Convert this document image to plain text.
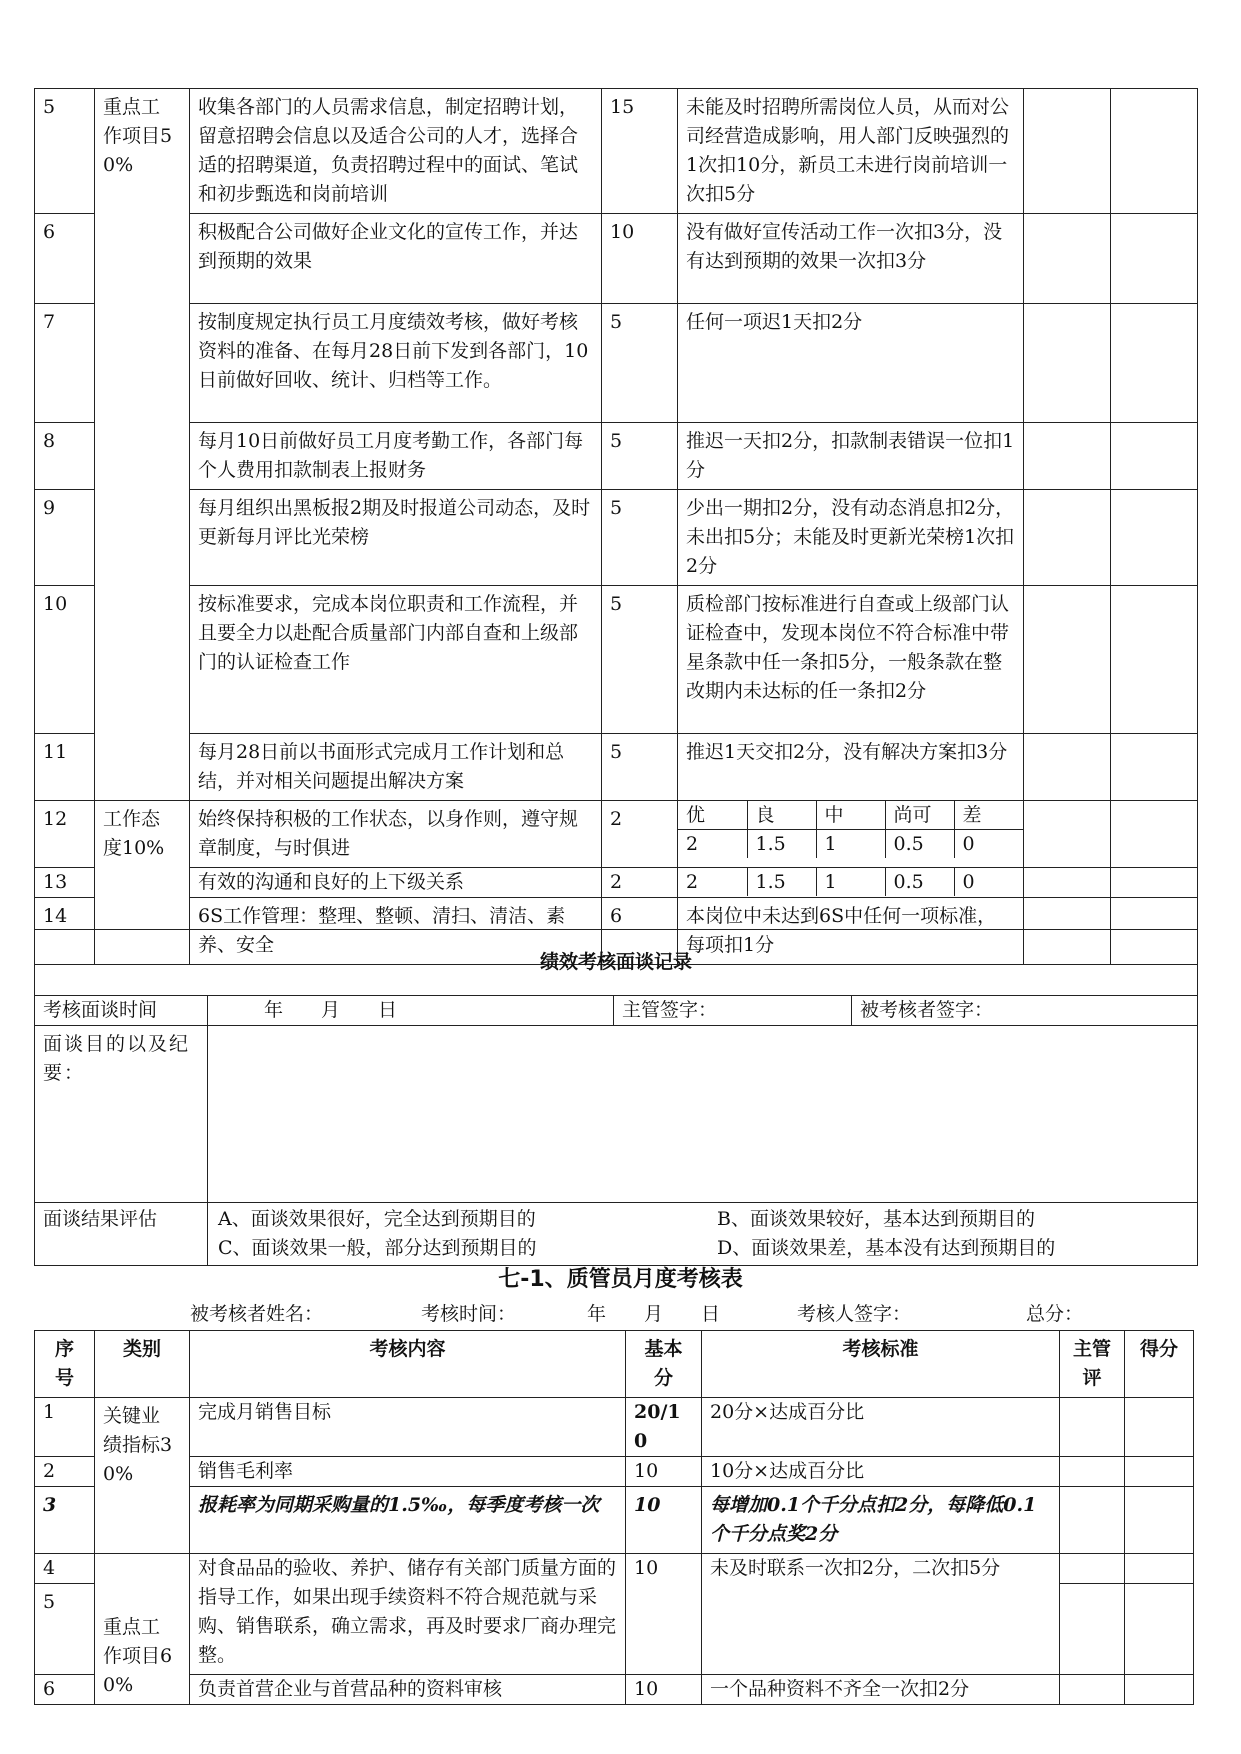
5	重点工作项目50%	收集各部门的人员需求信息，制定招聘计划，留意招聘会信息以及适合公司的人才，选择合适的招聘渠道，负责招聘过程中的面试、笔试和初步甄选和岗前培训	15	未能及时招聘所需岗位人员，从而对公司经营造成影响，用人部门反映强烈的1次扣10分，新员工未进行岗前培训一次扣5分		
6	积极配合公司做好企业文化的宣传工作，并达到预期的效果	10	没有做好宣传活动工作一次扣3分，没有达到预期的效果一次扣3分		
7	按制度规定执行员工月度绩效考核，做好考核资料的准备、在每月28日前下发到各部门，10日前做好回收、统计、归档等工作。	5	任何一项迟1天扣2分		
8	每月10日前做好员工月度考勤工作，各部门每个人费用扣款制表上报财务	5	推迟一天扣2分，扣款制表错误一位扣1分		
9	每月组织出黑板报2期及时报道公司动态，及时更新每月评比光荣榜	5	少出一期扣2分，没有动态消息扣2分，未出扣5分；未能及时更新光荣榜1次扣2分		
10	按标准要求，完成本岗位职责和工作流程，并且要全力以赴配合质量部门内部自查和上级部门的认证检查工作	5	质检部门按标准进行自查或上级部门认证检查中，发现本岗位不符合标准中带星条款中任一条扣5分，一般条款在整改期内未达标的任一条扣2分		
11	每月28日前以书面形式完成月工作计划和总结，并对相关问题提出解决方案	5	推迟1天交扣2分，没有解决方案扣3分		
12	工作态度10%	始终保持积极的工作状态，以身作则，遵守规章制度，与时俱进	2		优	良	中	尚可	差
2	1.5	1	0.5	0

13	有效的沟通和良好的上下级关系	2		2	1.5	1	0.5	0

14	6S工作管理：整理、整顿、清扫、清洁、素养、安全	6	本岗位中未达到6S中任何一项标准，每项扣1分		
绩效考核面谈记录			
考核面谈时间	年　　月　　日	主管签字：	被考核者签字：
面谈目的以及纪要：			
面谈结果评估	A、面谈效果很好，完全达到预期目的 B、面谈效果较好，基本达到预期目的
C、面谈效果一般，部分达到预期目的 D、面谈效果差，基本没有达到预期目的		
七-1、质管员月度考核表
被考核者姓名：	考核时间：	年　　月　　日	考核人签字：	总分：
序号	类别	考核内容	基本分	考核标准	主管评	得分
1	关键业绩指标30%	完成月销售目标	20/10	20分×达成百分比		
2		销售毛利率	10	10分×达成百分比		
3		报耗率为同期采购量的1.5‰，每季度考核一次	10	每增加0.1个千分点扣2分，每降低0.1个千分点奖2分		
4	重点工作项目60%	对食品品的验收、养护、储存有关部门质量方面的指导工作，如果出现手续资料不符合规范就与采购、销售联系，确立需求，再及时要求厂商办理完整。	10	未及时联系一次扣2分，二次扣5分		
5						
6		负责首营企业与首营品种的资料审核	10	一个品种资料不齐全一次扣2分		
